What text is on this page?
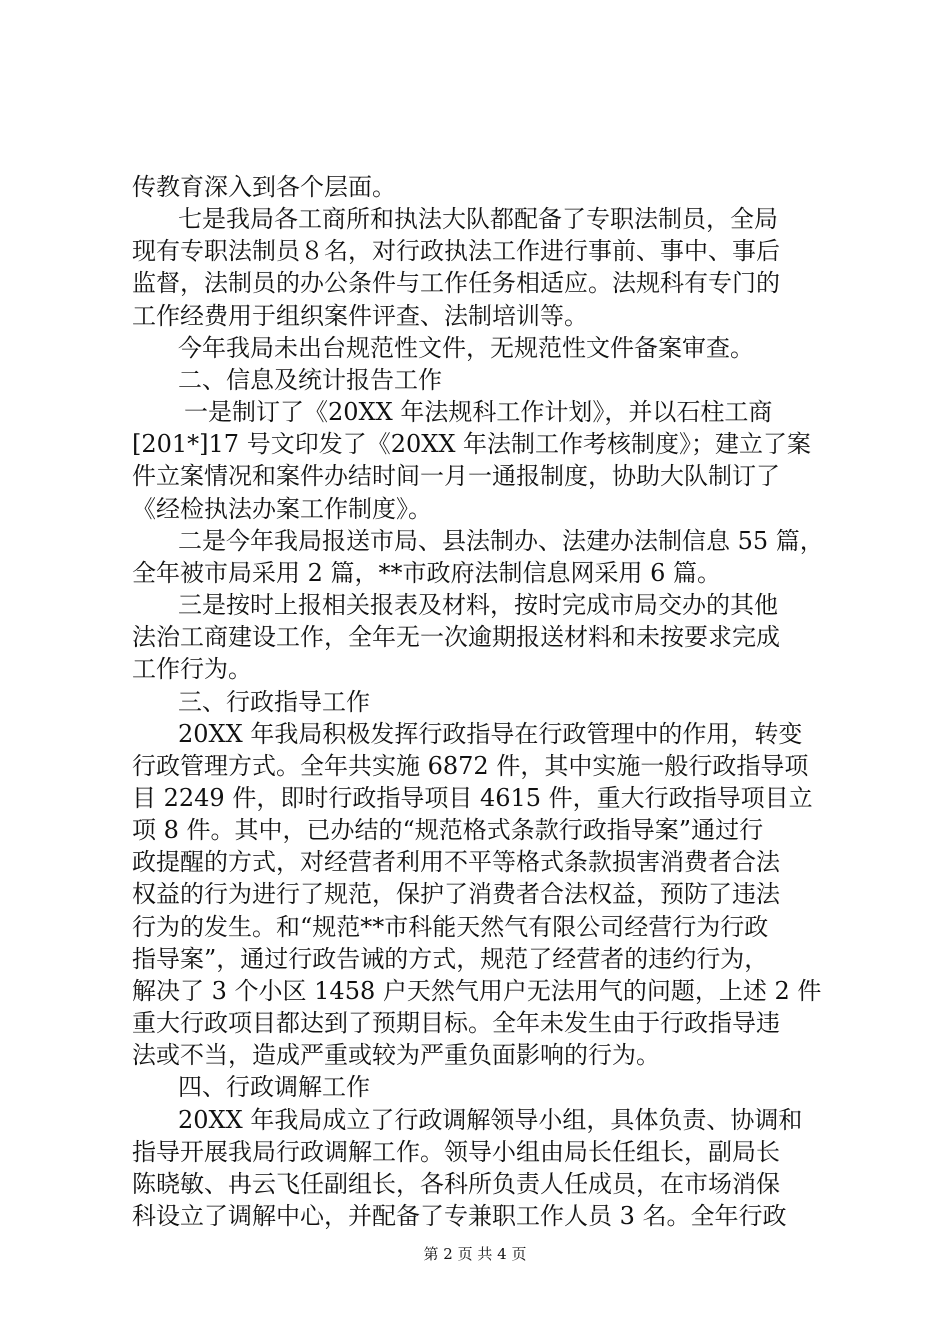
传教育深入到各个层面。
七是我局各工商所和执法大队都配备了专职法制员，全局
现有专职法制员８名，对行政执法工作进行事前、事中、事后
监督，法制员的办公条件与工作任务相适应。法规科有专门的
工作经费用于组织案件评查、法制培训等。
今年我局未出台规范性文件，无规范性文件备案审查。
二、信息及统计报告工作
一是制订了《20XX 年法规科工作计划》，并以石柱工商
[201*]17 号文印发了《20XX 年法制工作考核制度》；建立了案
件立案情况和案件办结时间一月一通报制度，协助大队制订了
《经检执法办案工作制度》。
二是今年我局报送市局、县法制办、法建办法制信息 55 篇，
全年被市局采用 2 篇，**市政府法制信息网采用 6 篇。
三是按时上报相关报表及材料，按时完成市局交办的其他
法治工商建设工作，全年无一次逾期报送材料和未按要求完成
工作行为。
三、行政指导工作
20XX 年我局积极发挥行政指导在行政管理中的作用，转变
行政管理方式。全年共实施 6872 件，其中实施一般行政指导项
目 2249 件，即时行政指导项目 4615 件，重大行政指导项目立
项 8 件。其中，已办结的“规范格式条款行政指导案”通过行
政提醒的方式，对经营者利用不平等格式条款损害消费者合法
权益的行为进行了规范，保护了消费者合法权益，预防了违法
行为的发生。和“规范**市科能天然气有限公司经营行为行政
指导案”，通过行政告诫的方式，规范了经营者的违约行为，
解决了 3 个小区 1458 户天然气用户无法用气的问题，上述 2 件
重大行政项目都达到了预期目标。全年未发生由于行政指导违
法或不当，造成严重或较为严重负面影响的行为。
四、行政调解工作
20XX 年我局成立了行政调解领导小组，具体负责、协调和
指导开展我局行政调解工作。领导小组由局长任组长，副局长
陈晓敏、冉云飞任副组长，各科所负责人任成员，在市场消保
科设立了调解中心，并配备了专兼职工作人员 3 名。全年行政
第 2 页 共 4 页
